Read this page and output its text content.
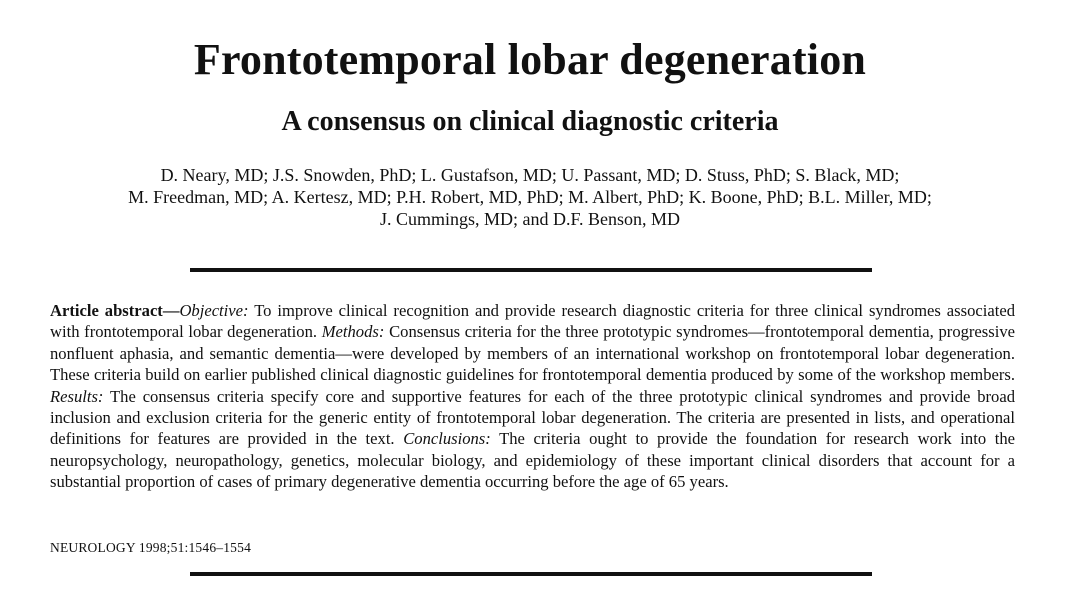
Frontotemporal lobar degeneration
A consensus on clinical diagnostic criteria
D. Neary, MD; J.S. Snowden, PhD; L. Gustafson, MD; U. Passant, MD; D. Stuss, PhD; S. Black, MD;
M. Freedman, MD; A. Kertesz, MD; P.H. Robert, MD, PhD; M. Albert, PhD; K. Boone, PhD; B.L. Miller, MD;
J. Cummings, MD; and D.F. Benson, MD
Article abstract—Objective: To improve clinical recognition and provide research diagnostic criteria for three clinical syndromes associated with frontotemporal lobar degeneration. Methods: Consensus criteria for the three prototypic syndromes—frontotemporal dementia, progressive nonfluent aphasia, and semantic dementia—were developed by members of an international workshop on frontotemporal lobar degeneration. These criteria build on earlier published clinical diagnostic guidelines for frontotemporal dementia produced by some of the workshop members. Results: The consensus criteria specify core and supportive features for each of the three prototypic clinical syndromes and provide broad inclusion and exclusion criteria for the generic entity of frontotemporal lobar degeneration. The criteria are presented in lists, and operational definitions for features are provided in the text. Conclusions: The criteria ought to provide the foundation for research work into the neuropsychology, neuropathology, genetics, molecular biology, and epidemiology of these important clinical disorders that account for a substantial proportion of cases of primary degenerative dementia occurring before the age of 65 years.
NEUROLOGY 1998;51:1546–1554
